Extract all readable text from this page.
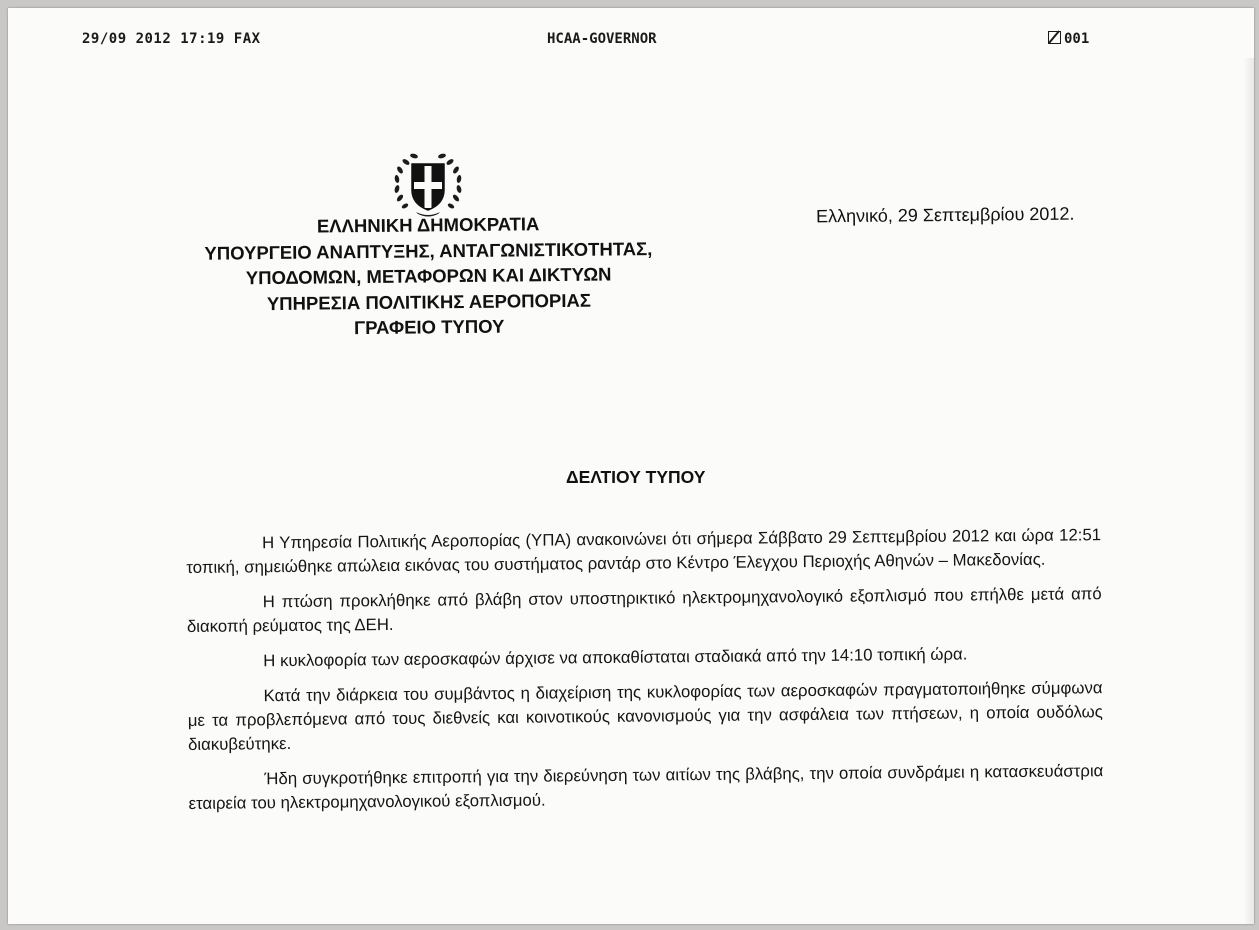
29/09 2012 17:19 FAX	HCAA-GOVERNOR	001
ΕΛΛΗΝΙΚΗ ΔΗΜΟΚΡΑΤΙΑ
ΥΠΟΥΡΓΕΙΟ ΑΝΑΠΤΥΞΗΣ, ΑΝΤΑΓΩΝΙΣΤΙΚΟΤΗΤΑΣ,
ΥΠΟΔΟΜΩΝ, ΜΕΤΑΦΟΡΩΝ ΚΑΙ ΔΙΚΤΥΩΝ
ΥΠΗΡΕΣΙΑ ΠΟΛΙΤΙΚΗΣ ΑΕΡΟΠΟΡΙΑΣ
ΓΡΑΦΕΙΟ ΤΥΠΟΥ
Ελληνικό, 29 Σεπτεμβρίου 2012.
ΔΕΛΤΙΟΥ ΤΥΠΟΥ

Η Υπηρεσία Πολιτικής Αεροπορίας (ΥΠΑ) ανακοινώνει ότι σήμερα Σάββατο 29 Σεπτεμβρίου 2012 και ώρα 12:51 τοπική, σημειώθηκε απώλεια εικόνας του συστήματος ραντάρ στο Κέντρο Έλεγχου Περιοχής Αθηνών – Μακεδονίας.

Η πτώση προκλήθηκε από βλάβη στον υποστηρικτικό ηλεκτρομηχανολογικό εξοπλισμό που επήλθε μετά από διακοπή ρεύματος της ΔΕΗ.

Η κυκλοφορία των αεροσκαφών άρχισε να αποκαθίσταται σταδιακά από την 14:10 τοπική ώρα.

Κατά την διάρκεια του συμβάντος η διαχείριση της κυκλοφορίας των αεροσκαφών πραγματοποιήθηκε σύμφωνα με τα προβλεπόμενα από τους διεθνείς και κοινοτικούς κανονισμούς για την ασφάλεια των πτήσεων, η οποία ουδόλως διακυβεύτηκε.

Ήδη συγκροτήθηκε επιτροπή για την διερεύνηση των αιτίων της βλάβης, την οποία συνδράμει η κατασκευάστρια εταιρεία του ηλεκτρομηχανολογικού εξοπλισμού.
